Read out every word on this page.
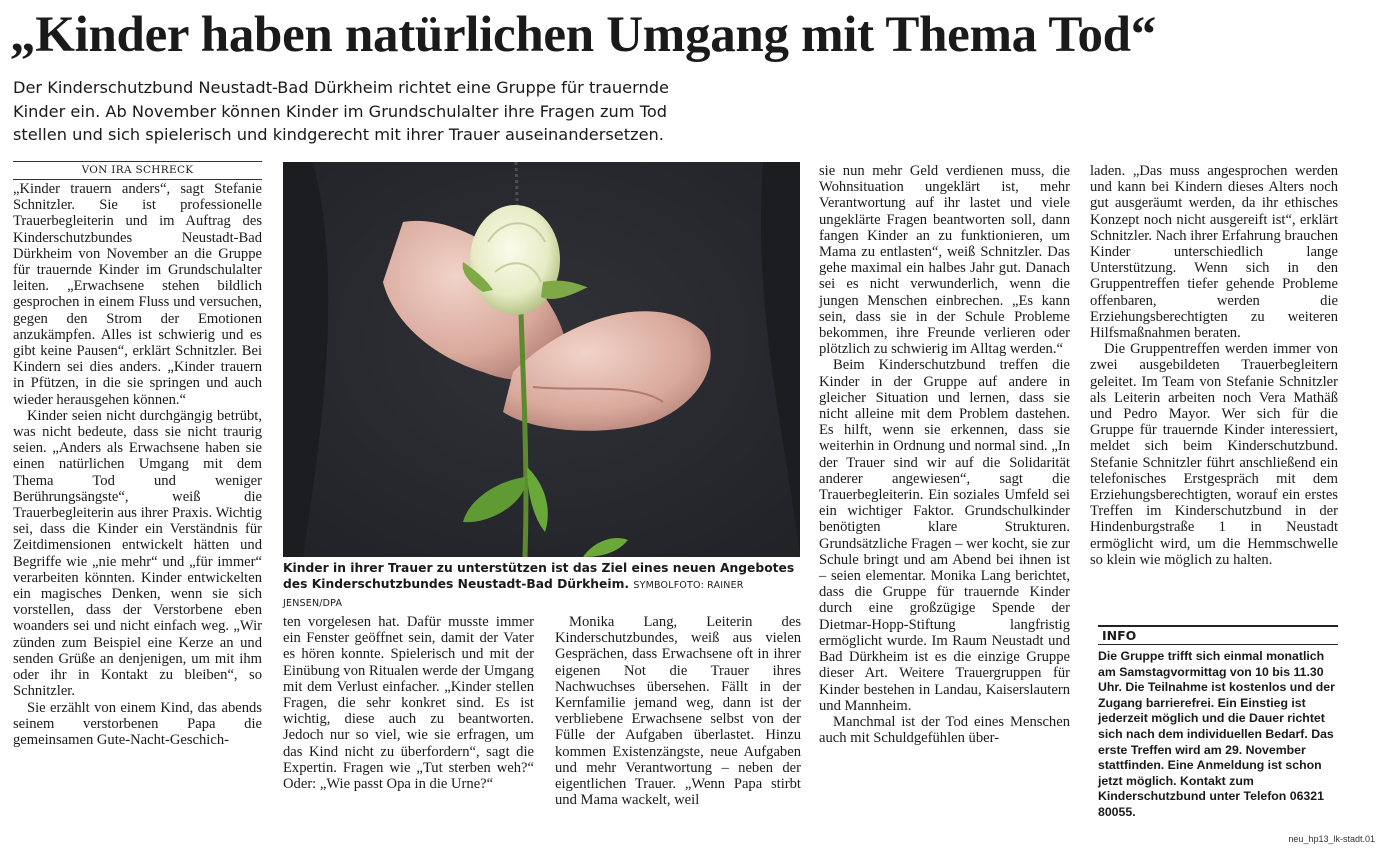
„Kinder haben natürlichen Umgang mit Thema Tod“
Der Kinderschutzbund Neustadt-Bad Dürkheim richtet eine Gruppe für trauernde
Kinder ein. Ab November können Kinder im Grundschulalter ihre Fragen zum Tod
stellen und sich spielerisch und kindgerecht mit ihrer Trauer auseinandersetzen.
VON IRA SCHRECK

„Kinder trauern anders“, sagt Stefanie Schnitzler. Sie ist professionelle Trauerbegleiterin und im Auftrag des Kinderschutzbundes Neustadt-Bad Dürkheim von November an die Gruppe für trauernde Kinder im Grundschulalter leiten. „Erwachsene stehen bildlich gesprochen in einem Fluss und versuchen, gegen den Strom der Emotionen anzukämpfen. Alles ist schwierig und es gibt keine Pausen“, erklärt Schnitzler. Bei Kindern sei dies anders. „Kinder trauern in Pfützen, in die sie springen und auch wieder herausgehen können.“

Kinder seien nicht durchgängig betrübt, was nicht bedeute, dass sie nicht traurig seien. „Anders als Erwachsene haben sie einen natürlichen Umgang mit dem Thema Tod und weniger Berührungsängste“, weiß die Trauerbegleiterin aus ihrer Praxis. Wichtig sei, dass die Kinder ein Verständnis für Zeitdimensionen entwickelt hätten und Begriffe wie „nie mehr“ und „für immer“ verarbeiten könnten. Kinder entwickelten ein magisches Denken, wenn sie sich vorstellen, dass der Verstorbene eben woanders sei und nicht einfach weg. „Wir zünden zum Beispiel eine Kerze an und senden Grüße an denjenigen, um mit ihm oder ihr in Kontakt zu bleiben“, so Schnitzler.

Sie erzählt von einem Kind, das abends seinem verstorbenen Papa die gemeinsamen Gute-Nacht-Geschich-

Kinder in ihrer Trauer zu unterstützen ist das Ziel eines neuen Angebotes des Kinderschutzbundes Neustadt-Bad Dürkheim. SYMBOLFOTO: RAINER JENSEN/DPA

ten vorgelesen hat. Dafür musste immer ein Fenster geöffnet sein, damit der Vater es hören konnte. Spielerisch und mit der Einübung von Ritualen werde der Umgang mit dem Verlust einfacher. „Kinder stellen Fragen, die sehr konkret sind. Es ist wichtig, diese auch zu beantworten. Jedoch nur so viel, wie sie erfragen, um das Kind nicht zu überfordern“, sagt die Expertin. Fragen wie „Tut sterben weh?“ Oder: „Wie passt Opa in die Urne?“

Monika Lang, Leiterin des Kinderschutzbundes, weiß aus vielen Gesprächen, dass Erwachsene oft in ihrer eigenen Not die Trauer ihres Nachwuchses übersehen. Fällt in der Kernfamilie jemand weg, dann ist der verbliebene Erwachsene selbst von der Fülle der Aufgaben überlastet. Hinzu kommen Existenzängste, neue Aufgaben und mehr Verantwortung – neben der eigentlichen Trauer. „Wenn Papa stirbt und Mama wackelt, weil

sie nun mehr Geld verdienen muss, die Wohnsituation ungeklärt ist, mehr Verantwortung auf ihr lastet und viele ungeklärte Fragen beantworten soll, dann fangen Kinder an zu funktionieren, um Mama zu entlasten“, weiß Schnitzler. Das gehe maximal ein halbes Jahr gut. Danach sei es nicht verwunderlich, wenn die jungen Menschen einbrechen. „Es kann sein, dass sie in der Schule Probleme bekommen, ihre Freunde verlieren oder plötzlich zu schwierig im Alltag werden.“

Beim Kinderschutzbund treffen die Kinder in der Gruppe auf andere in gleicher Situation und lernen, dass sie nicht alleine mit dem Problem dastehen. Es hilft, wenn sie erkennen, dass sie weiterhin in Ordnung und normal sind. „In der Trauer sind wir auf die Solidarität anderer angewiesen“, sagt die Trauerbegleiterin. Ein soziales Umfeld sei ein wichtiger Faktor. Grundschulkinder benötigten klare Strukturen. Grundsätzliche Fragen – wer kocht, sie zur Schule bringt und am Abend bei ihnen ist – seien elementar. Monika Lang berichtet, dass die Gruppe für trauernde Kinder durch eine großzügige Spende der Dietmar-Hopp-Stiftung langfristig ermöglicht wurde. Im Raum Neustadt und Bad Dürkheim ist es die einzige Gruppe dieser Art. Weitere Trauergruppen für Kinder bestehen in Landau, Kaiserslautern und Mannheim.

Manchmal ist der Tod eines Menschen auch mit Schuldgefühlen über-

laden. „Das muss angesprochen werden und kann bei Kindern dieses Alters noch gut ausgeräumt werden, da ihr ethisches Konzept noch nicht ausgereift ist“, erklärt Schnitzler. Nach ihrer Erfahrung brauchen Kinder unterschiedlich lange Unterstützung. Wenn sich in den Gruppentreffen tiefer gehende Probleme offenbaren, werden die Erziehungsberechtigten zu weiteren Hilfsmaßnahmen beraten.

Die Gruppentreffen werden immer von zwei ausgebildeten Trauerbegleitern geleitet. Im Team von Stefanie Schnitzler als Leiterin arbeiten noch Vera Mathäß und Pedro Mayor. Wer sich für die Gruppe für trauernde Kinder interessiert, meldet sich beim Kinderschutzbund. Stefanie Schnitzler führt anschließend ein telefonisches Erstgespräch mit dem Erziehungsberechtigten, worauf ein erstes Treffen im Kinderschutzbund in der Hindenburgstraße 1 in Neustadt ermöglicht wird, um die Hemmschwelle so klein wie möglich zu halten.

INFO
Die Gruppe trifft sich einmal monatlich am Samstagvormittag von 10 bis 11.30 Uhr. Die Teilnahme ist kostenlos und der Zugang barrierefrei. Ein Einstieg ist jederzeit möglich und die Dauer richtet sich nach dem individuellen Bedarf. Das erste Treffen wird am 29. November stattfinden. Eine Anmeldung ist schon jetzt möglich. Kontakt zum Kinderschutzbund unter Telefon 06321 80055.
neu_hp13_lk-stadt.01
